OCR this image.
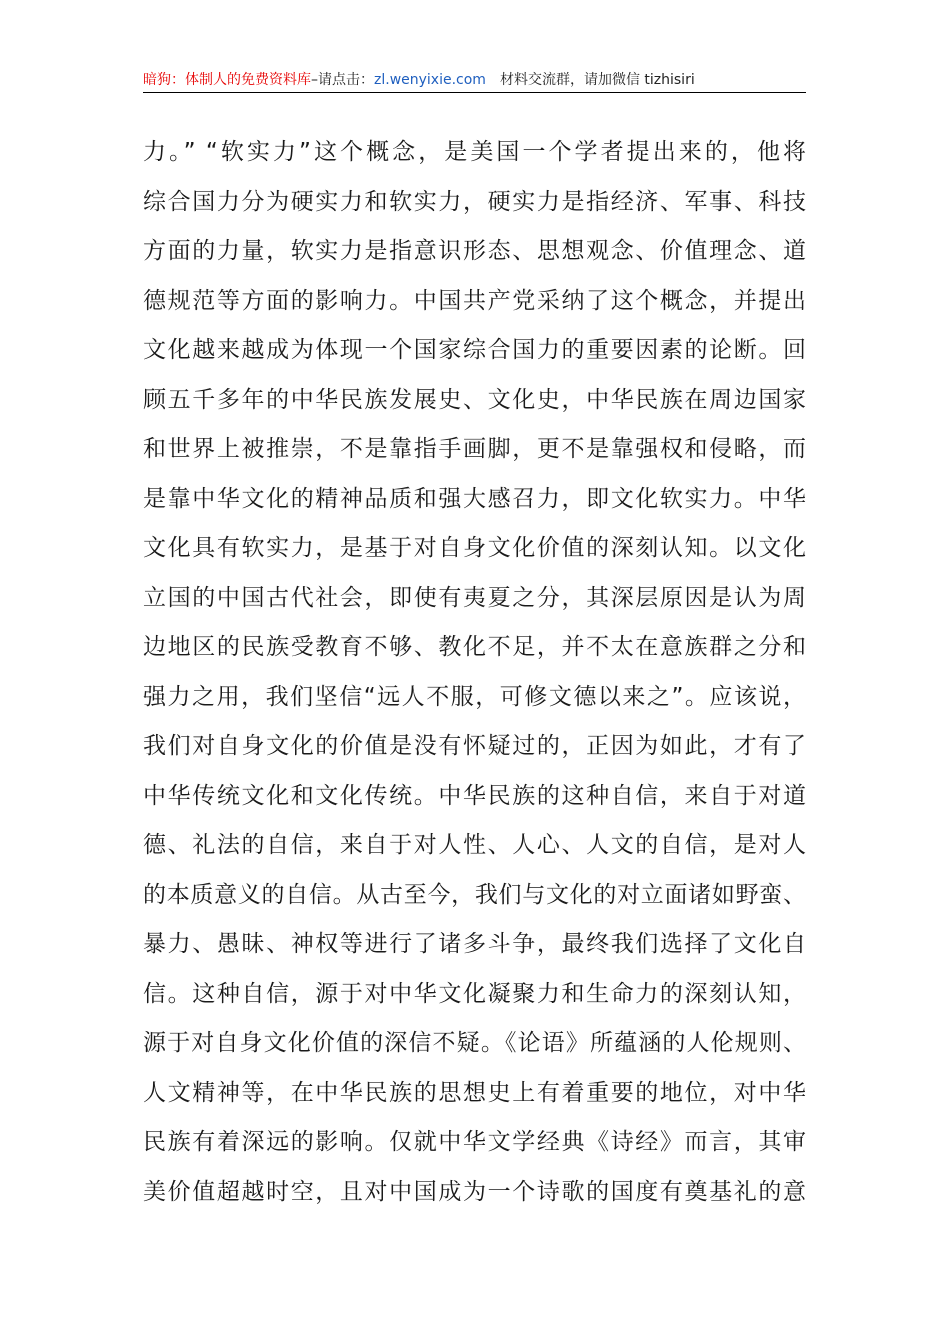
暗狗：体制人的免费资料库–请点击：zl.wenyixie.com 材料交流群，请加微信 tizhisiri
力。” “软实力”这个概念，是美国一个学者提出来的，他将
综合国力分为硬实力和软实力，硬实力是指经济、军事、科技
方面的力量，软实力是指意识形态、思想观念、价值理念、道
德规范等方面的影响力。中国共产党采纳了这个概念，并提出
文化越来越成为体现一个国家综合国力的重要因素的论断。回
顾五千多年的中华民族发展史、文化史，中华民族在周边国家
和世界上被推崇，不是靠指手画脚，更不是靠强权和侵略，而
是靠中华文化的精神品质和强大感召力，即文化软实力。中华
文化具有软实力，是基于对自身文化价值的深刻认知。以文化
立国的中国古代社会，即使有夷夏之分，其深层原因是认为周
边地区的民族受教育不够、教化不足，并不太在意族群之分和
强力之用，我们坚信“远人不服，可修文德以来之”。应该说，
我们对自身文化的价值是没有怀疑过的，正因为如此，才有了
中华传统文化和文化传统。中华民族的这种自信，来自于对道
德、礼法的自信，来自于对人性、人心、人文的自信，是对人
的本质意义的自信。从古至今，我们与文化的对立面诸如野蛮、
暴力、愚昧、神权等进行了诸多斗争，最终我们选择了文化自
信。这种自信，源于对中华文化凝聚力和生命力的深刻认知，
源于对自身文化价值的深信不疑。《论语》所蕴涵的人伦规则、
人文精神等，在中华民族的思想史上有着重要的地位，对中华
民族有着深远的影响。仅就中华文学经典《诗经》而言，其审
美价值超越时空，且对中国成为一个诗歌的国度有奠基礼的意
